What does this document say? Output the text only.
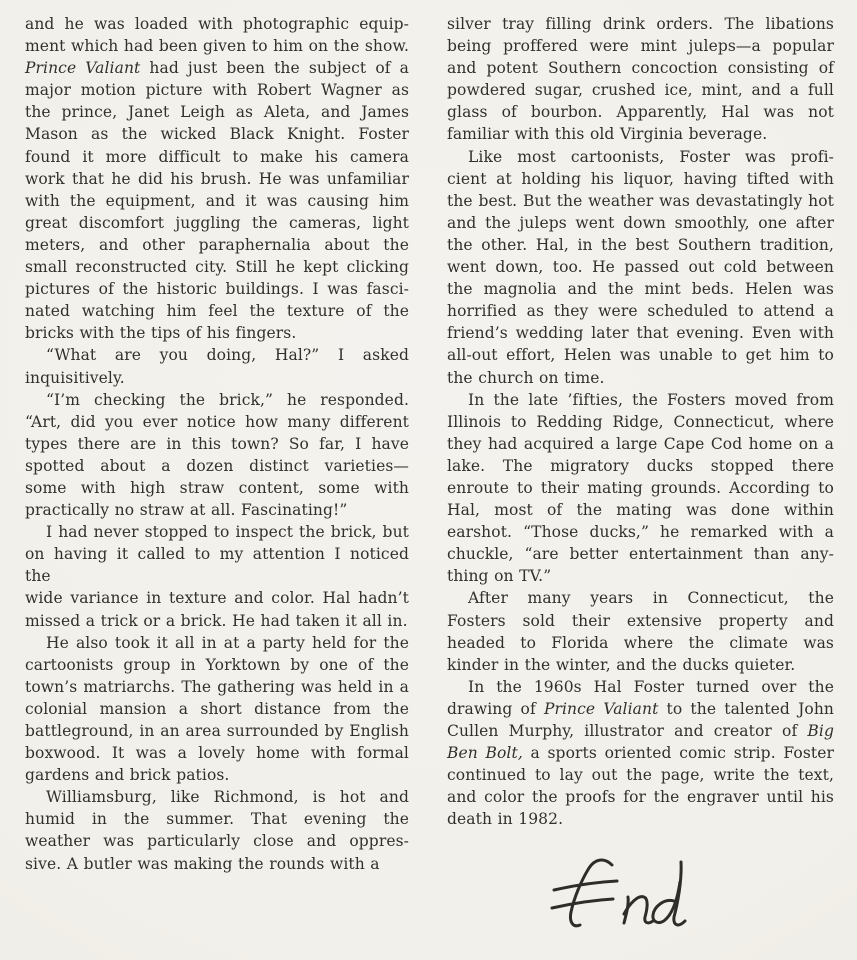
and he was loaded with photographic equip-
ment which had been given to him on the show.
Prince Valiant had just been the subject of a
major motion picture with Robert Wagner as
the prince, Janet Leigh as Aleta, and James
Mason as the wicked Black Knight. Foster
found it more difficult to make his camera
work that he did his brush. He was unfamiliar
with the equipment, and it was causing him
great discomfort juggling the cameras, light
meters, and other paraphernalia about the
small reconstructed city. Still he kept clicking
pictures of the historic buildings. I was fasci-
nated watching him feel the texture of the
bricks with the tips of his fingers.

“What are you doing, Hal?” I asked
inquisitively.

“I’m checking the brick,” he responded.
“Art, did you ever notice how many different
types there are in this town? So far, I have
spotted about a dozen distinct varieties—
some with high straw content, some with
practically no straw at all. Fascinating!”

I had never stopped to inspect the brick, but
on having it called to my attention I noticed the
wide variance in texture and color. Hal hadn’t
missed a trick or a brick. He had taken it all in.

He also took it all in at a party held for the
cartoonists group in Yorktown by one of the
town’s matriarchs. The gathering was held in a
colonial mansion a short distance from the
battleground, in an area surrounded by English
boxwood. It was a lovely home with formal
gardens and brick patios.

Williamsburg, like Richmond, is hot and
humid in the summer. That evening the
weather was particularly close and oppres-
sive. A butler was making the rounds with a

silver tray filling drink orders. The libations
being proffered were mint juleps—a popular
and potent Southern concoction consisting of
powdered sugar, crushed ice, mint, and a full
glass of bourbon. Apparently, Hal was not
familiar with this old Virginia beverage.

Like most cartoonists, Foster was profi-
cient at holding his liquor, having tifted with
the best. But the weather was devastatingly hot
and the juleps went down smoothly, one after
the other. Hal, in the best Southern tradition,
went down, too. He passed out cold between
the magnolia and the mint beds. Helen was
horrified as they were scheduled to attend a
friend’s wedding later that evening. Even with
all-out effort, Helen was unable to get him to
the church on time.

In the late ’fifties, the Fosters moved from
Illinois to Redding Ridge, Connecticut, where
they had acquired a large Cape Cod home on a
lake. The migratory ducks stopped there
enroute to their mating grounds. According to
Hal, most of the mating was done within
earshot. “Those ducks,” he remarked with a
chuckle, “are better entertainment than any-
thing on TV.”

After many years in Connecticut, the
Fosters sold their extensive property and
headed to Florida where the climate was
kinder in the winter, and the ducks quieter.

In the 1960s Hal Foster turned over the
drawing of Prince Valiant to the talented John
Cullen Murphy, illustrator and creator of Big
Ben Bolt, a sports oriented comic strip. Foster
continued to lay out the page, write the text,
and color the proofs for the engraver until his
death in 1982.
